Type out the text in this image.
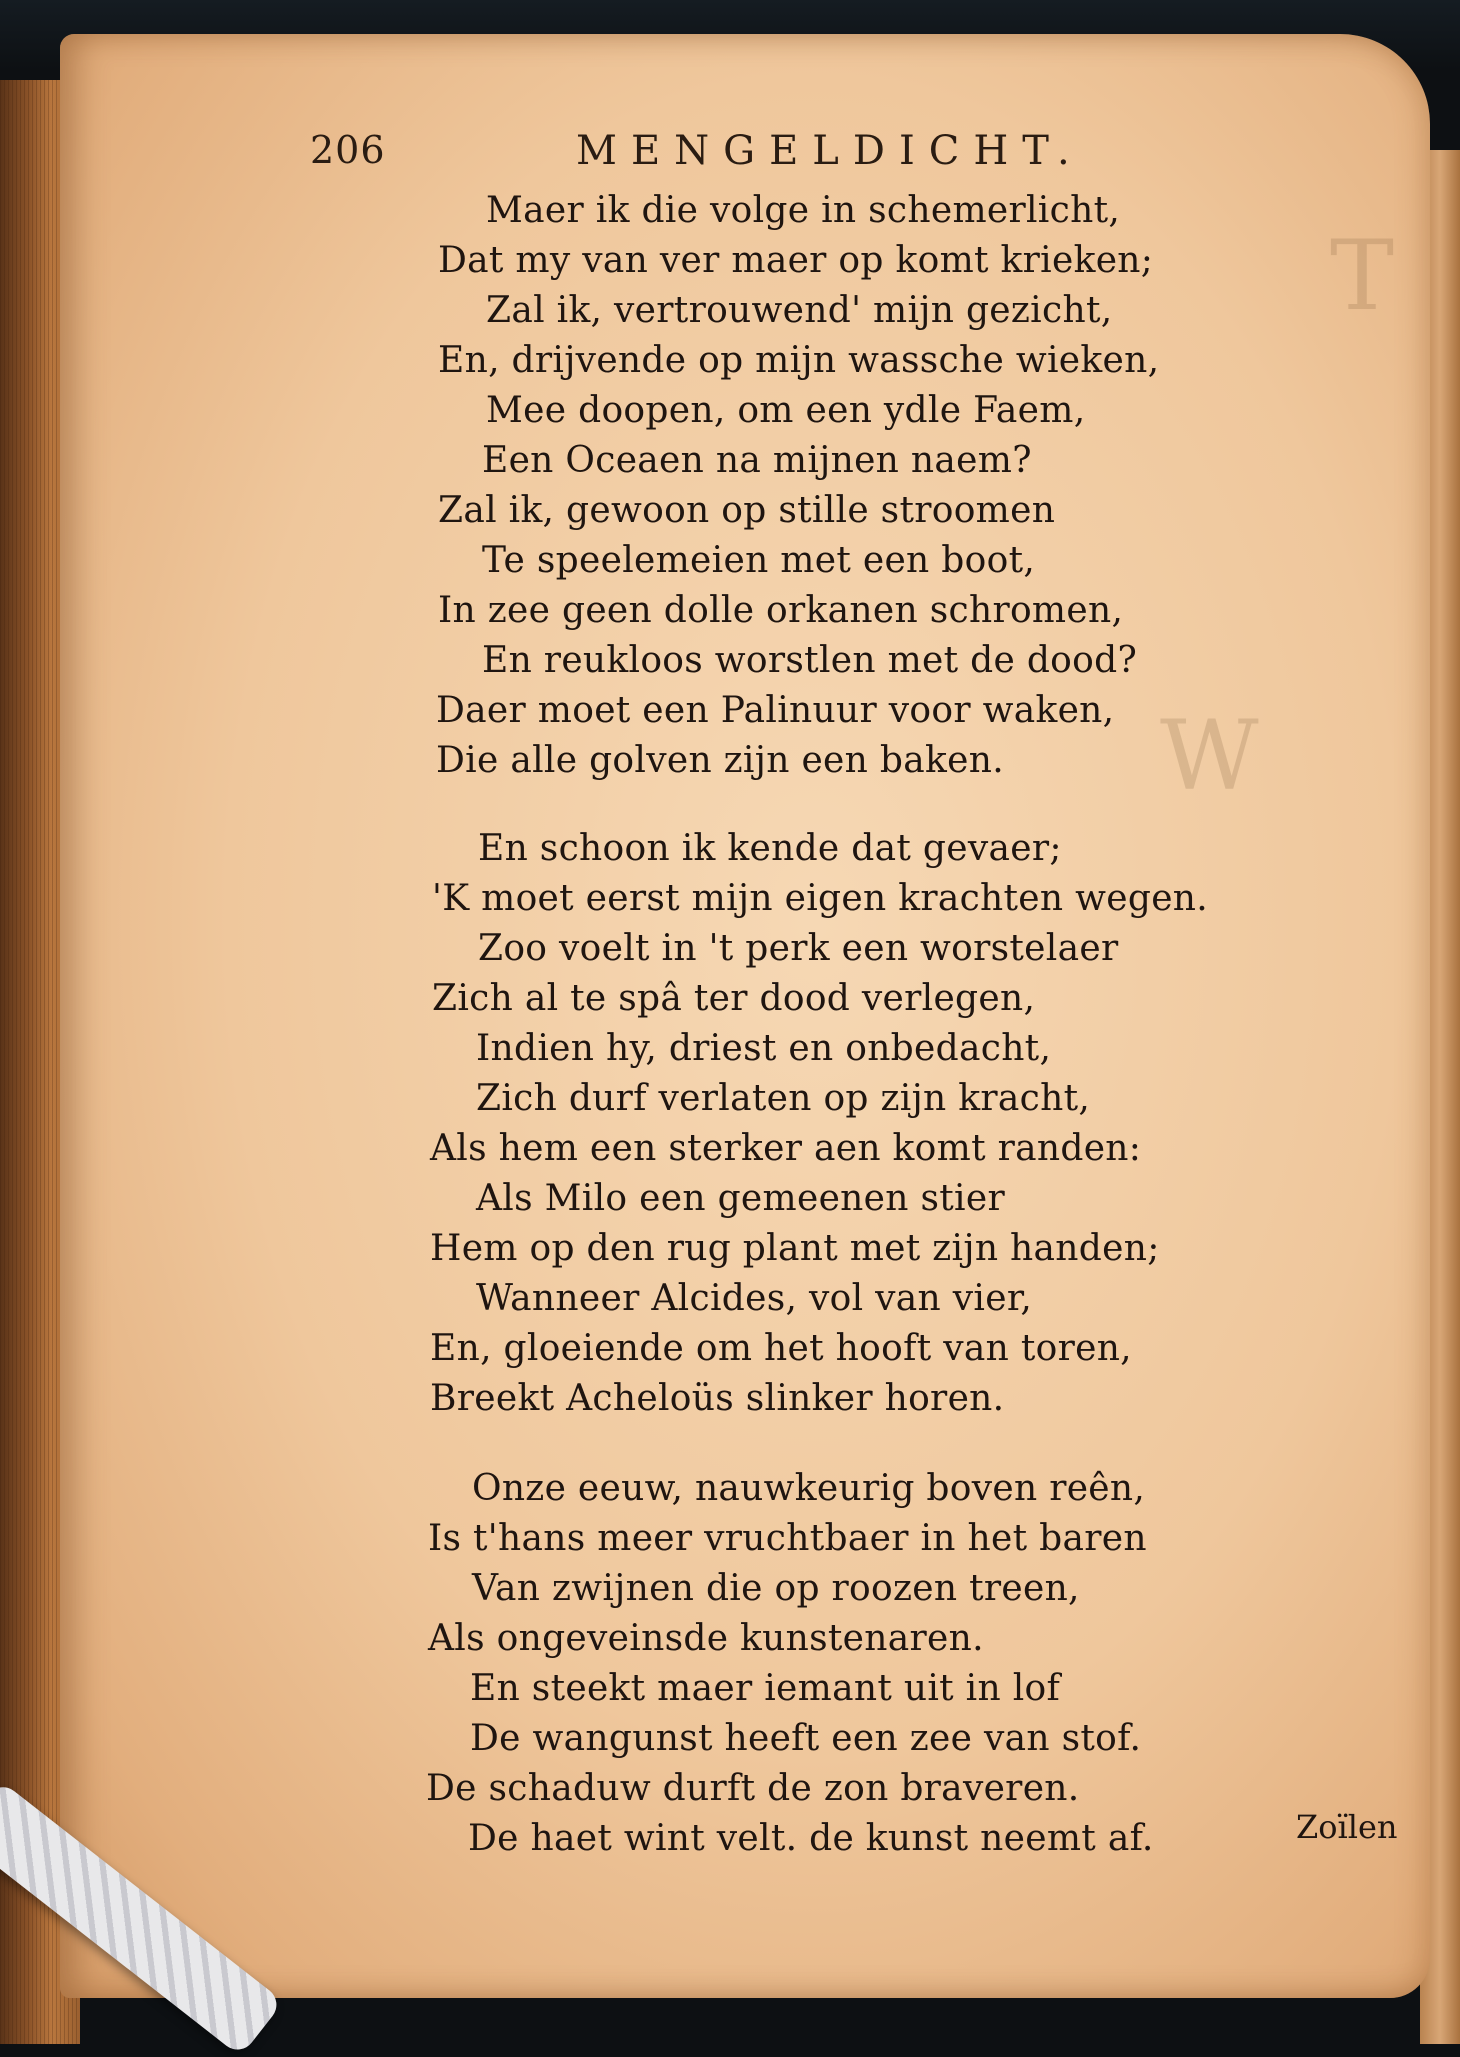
206	MENGELDICHT.
Maer ik die volge in schemerlicht,
Dat my van ver maer op komt krieken;
Zal ik, vertrouwend' mijn gezicht,
En, drijvende op mijn wassche wieken,
Mee doopen, om een ydle Faem,
Een Oceaen na mijnen naem?
Zal ik, gewoon op stille stroomen
Te speelemeien met een boot,
In zee geen dolle orkanen schromen,
En reukloos worstlen met de dood?
Daer moet een Palinuur voor waken,
Die alle golven zijn een baken.
En schoon ik kende dat gevaer;
'K moet eerst mijn eigen krachten wegen.
Zoo voelt in 't perk een worstelaer
Zich al te spâ ter dood verlegen,
Indien hy, driest en onbedacht,
Zich durf verlaten op zijn kracht,
Als hem een sterker aen komt randen:
Als Milo een gemeenen stier
Hem op den rug plant met zijn handen;
Wanneer Alcides, vol van vier,
En, gloeiende om het hooft van toren,
Breekt Acheloüs slinker horen.
Onze eeuw, nauwkeurig boven reên,
Is t'hans meer vruchtbaer in het baren
Van zwijnen die op roozen treen,
Als ongeveinsde kunstenaren.
En steekt maer iemant uit in lof
De wangunst heeft een zee van stof.
De schaduw durft de zon braveren.
De haet wint velt. de kunst neemt af.	Zoïlen
